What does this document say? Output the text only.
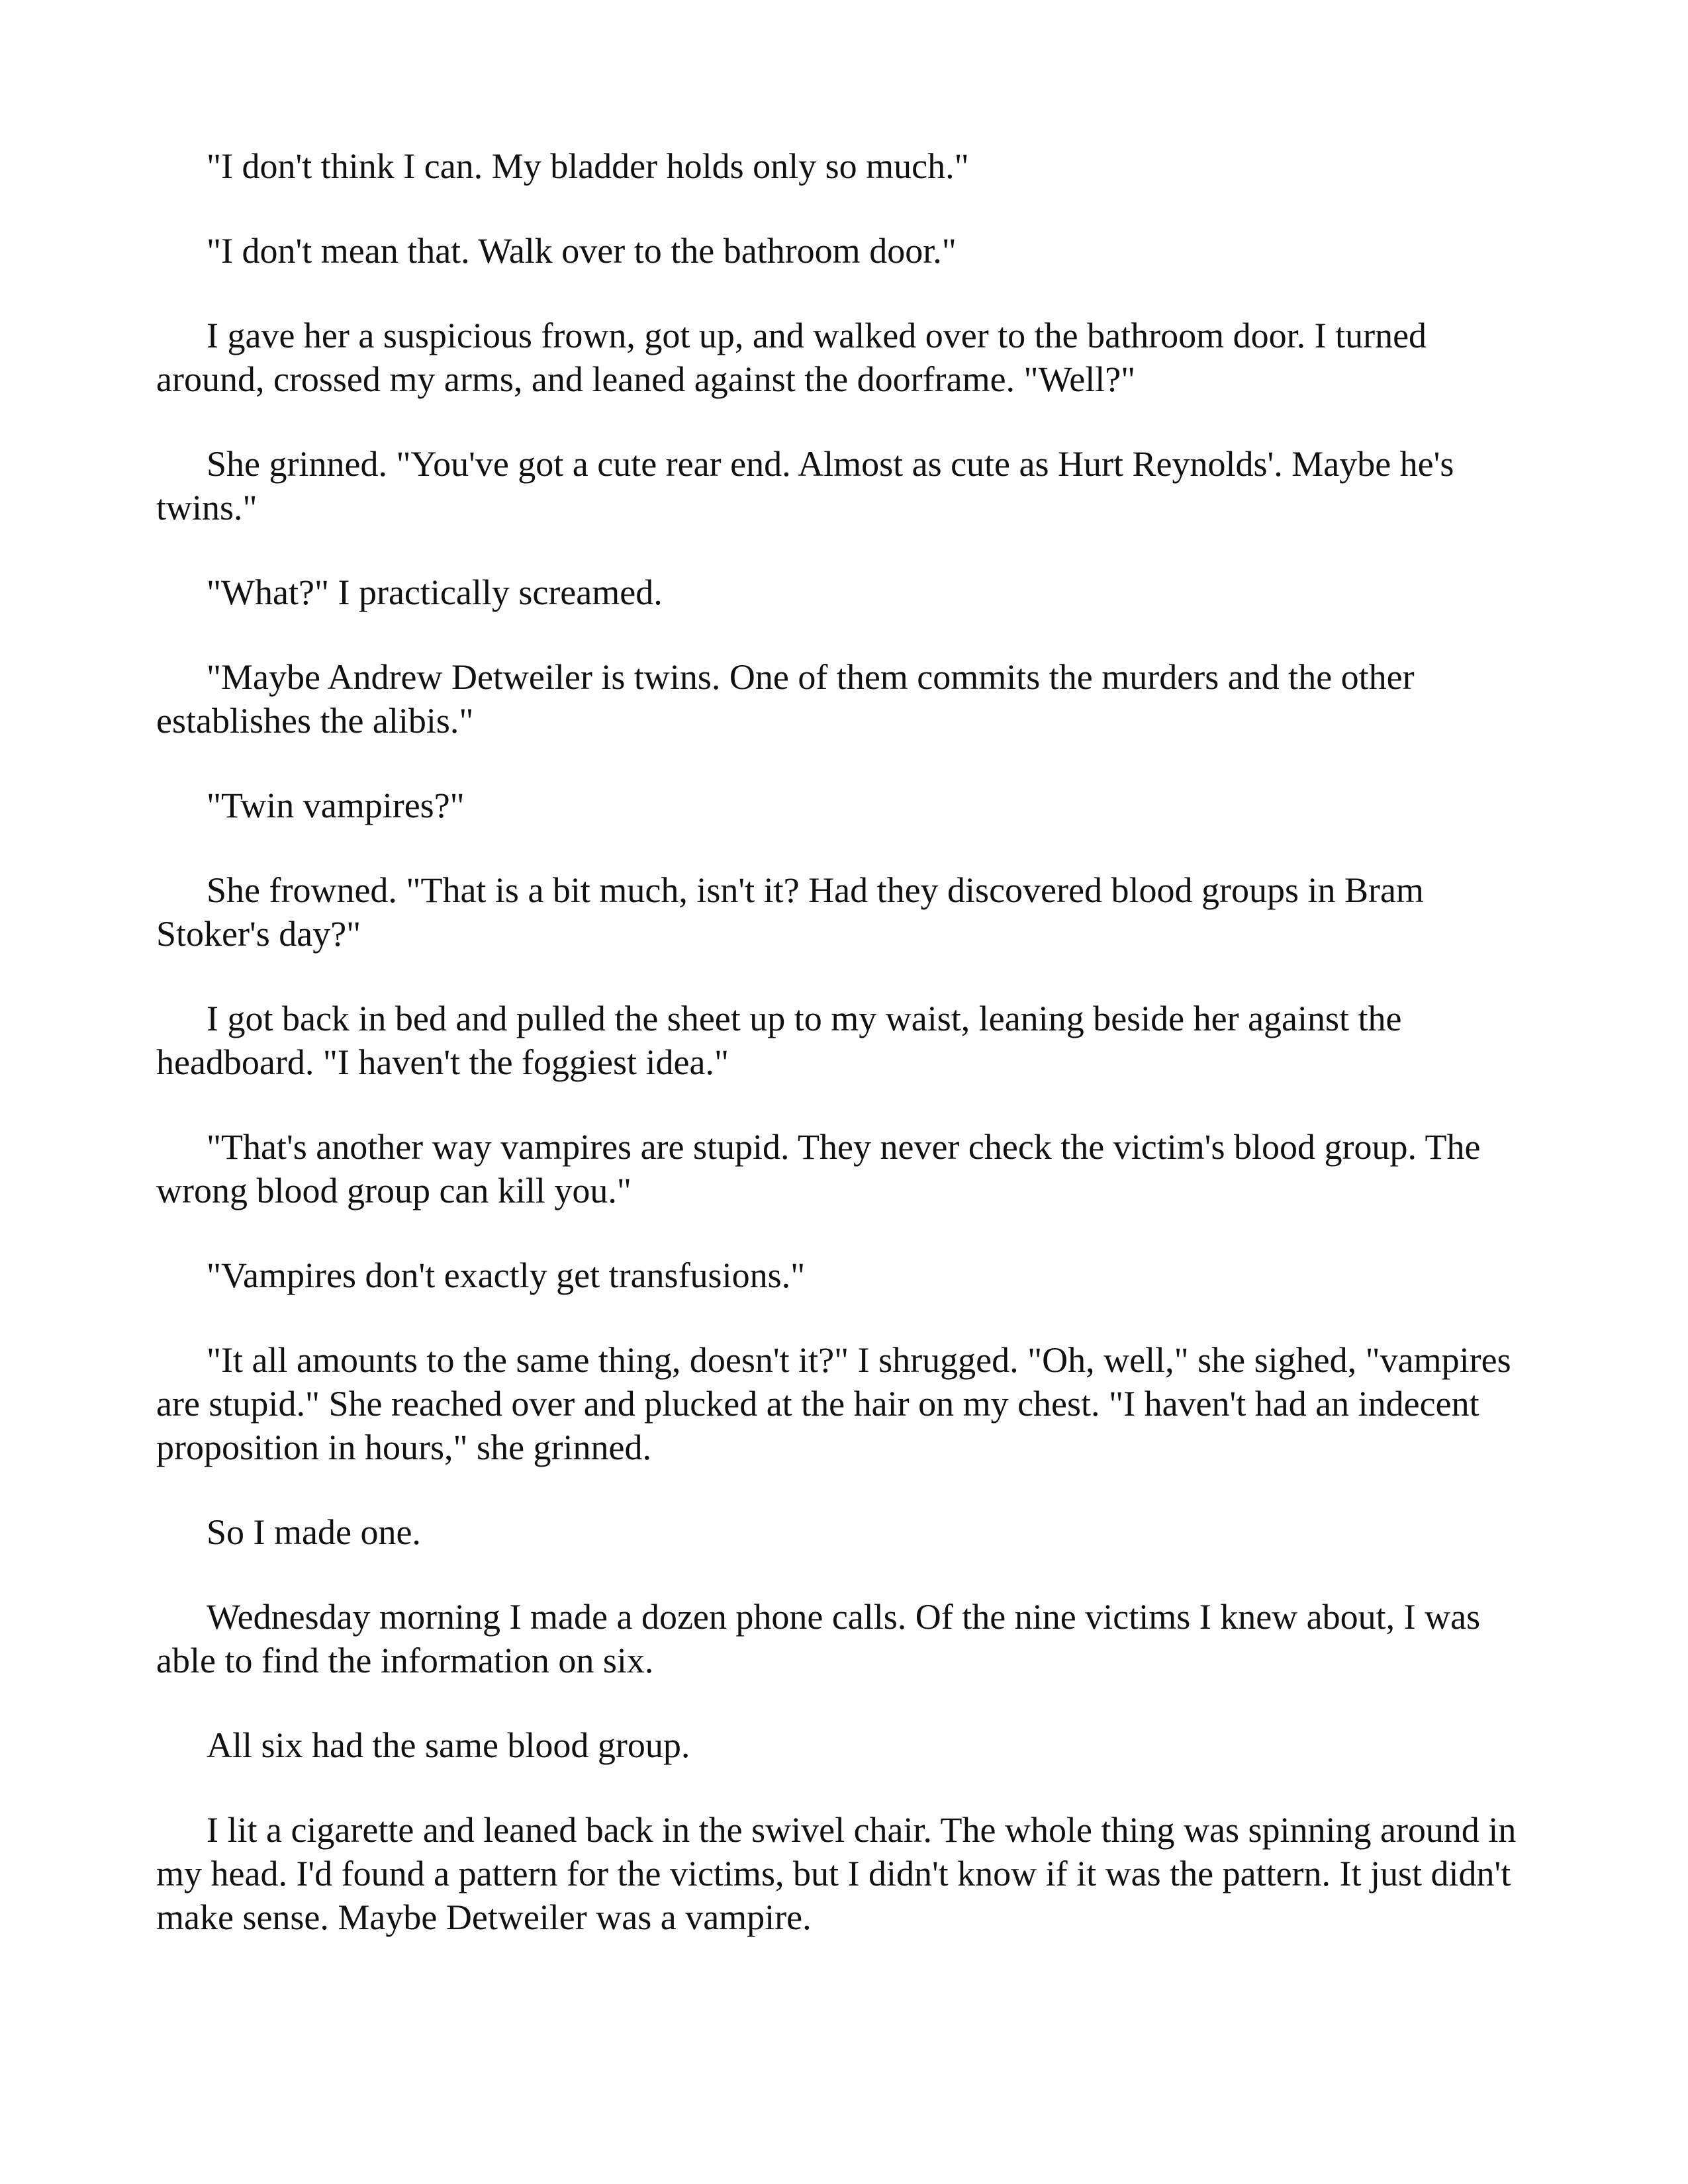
"I don't think I can. My bladder holds only so much."

"I don't mean that. Walk over to the bathroom door."

I gave her a suspicious frown, got up, and walked over to the bathroom door. I turned around, crossed my arms, and leaned against the doorframe. "Well?"

She grinned. "You've got a cute rear end. Almost as cute as Hurt Reynolds'. Maybe he's twins."

"What?" I practically screamed.

"Maybe Andrew Detweiler is twins. One of them commits the murders and the other establishes the alibis."

"Twin vampires?"

She frowned. "That is a bit much, isn't it? Had they discovered blood groups in Bram Stoker's day?"

I got back in bed and pulled the sheet up to my waist, leaning beside her against the headboard. "I haven't the foggiest idea."

"That's another way vampires are stupid. They never check the victim's blood group. The wrong blood group can kill you."

"Vampires don't exactly get transfusions."

"It all amounts to the same thing, doesn't it?" I shrugged. "Oh, well," she sighed, "vampires are stupid." She reached over and plucked at the hair on my chest. "I haven't had an indecent proposition in hours," she grinned.

So I made one.

Wednesday morning I made a dozen phone calls. Of the nine victims I knew about, I was able to find the information on six.

All six had the same blood group.

I lit a cigarette and leaned back in the swivel chair. The whole thing was spinning around in my head. I'd found a pattern for the victims, but I didn't know if it was the pattern. It just didn't make sense. Maybe Detweiler was a vampire.
